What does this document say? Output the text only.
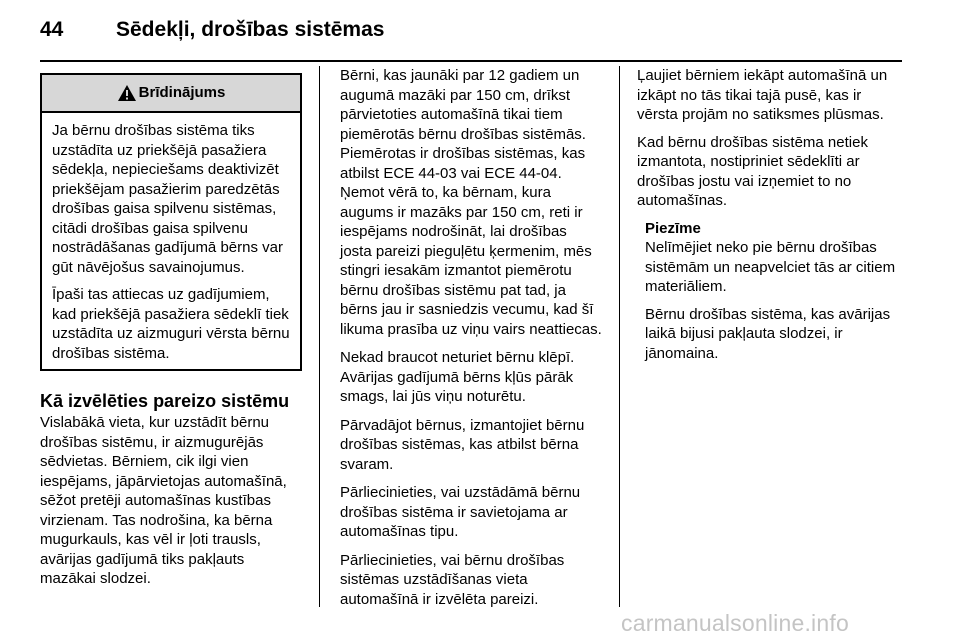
44	Sēdekļi, drošības sistēmas
Brīdinājums

Ja bērnu drošības sistēma tiks uzstādīta uz priekšējā pasažiera sēdekļa, nepieciešams deaktivizēt priekšējam pasažierim paredzētās drošības gaisa spilvenu sistēmas, citādi drošības gaisa spilvenu nostrādāšanas gadījumā bērns var gūt nāvējošus savainojumus.

Īpaši tas attiecas uz gadījumiem, kad priekšējā pasažiera sēdeklī tiek uzstādīta uz aizmuguri vērsta bērnu drošības sistēma.

Kā izvēlēties pareizo sistēmu

Vislabākā vieta, kur uzstādīt bērnu drošības sistēmu, ir aizmugurējās sēdvietas. Bērniem, cik ilgi vien iespējams, jāpārvietojas automašīnā, sēžot pretēji automašīnas kustības virzienam. Tas nodrošina, ka bērna mugurkauls, kas vēl ir ļoti trausls, avārijas gadījumā tiks pakļauts mazākai slodzei.

Bērni, kas jaunāki par 12 gadiem un augumā mazāki par 150 cm, drīkst pārvietoties automašīnā tikai tiem piemērotās bērnu drošības sistēmās. Piemērotas ir drošības sistēmas, kas atbilst ECE 44-03 vai ECE 44-04. Ņemot vērā to, ka bērnam, kura augums ir mazāks par 150 cm, reti ir iespējams nodrošināt, lai drošības josta pareizi pieguļētu ķermenim, mēs stingri iesakām izmantot piemērotu bērnu drošības sistēmu pat tad, ja bērns jau ir sasniedzis vecumu, kad šī likuma prasība uz viņu vairs neattiecas.

Nekad braucot neturiet bērnu klēpī. Avārijas gadījumā bērns kļūs pārāk smags, lai jūs viņu noturētu.

Pārvadājot bērnus, izmantojiet bērnu drošības sistēmas, kas atbilst bērna svaram.

Pārliecinieties, vai uzstādāmā bērnu drošības sistēma ir savietojama ar automašīnas tipu.

Pārliecinieties, vai bērnu drošības sistēmas uzstādīšanas vieta automašīnā ir izvēlēta pareizi.

Ļaujiet bērniem iekāpt automašīnā un izkāpt no tās tikai tajā pusē, kas ir vērsta projām no satiksmes plūsmas.

Kad bērnu drošības sistēma netiek izmantota, nostipriniet sēdeklīti ar drošības jostu vai izņemiet to no automašīnas.

Piezīme

Nelīmējiet neko pie bērnu drošības sistēmām un neapvelciet tās ar citiem materiāliem.

Bērnu drošības sistēma, kas avārijas laikā bijusi pakļauta slodzei, ir jānomaina.

carmanualsonline.info
